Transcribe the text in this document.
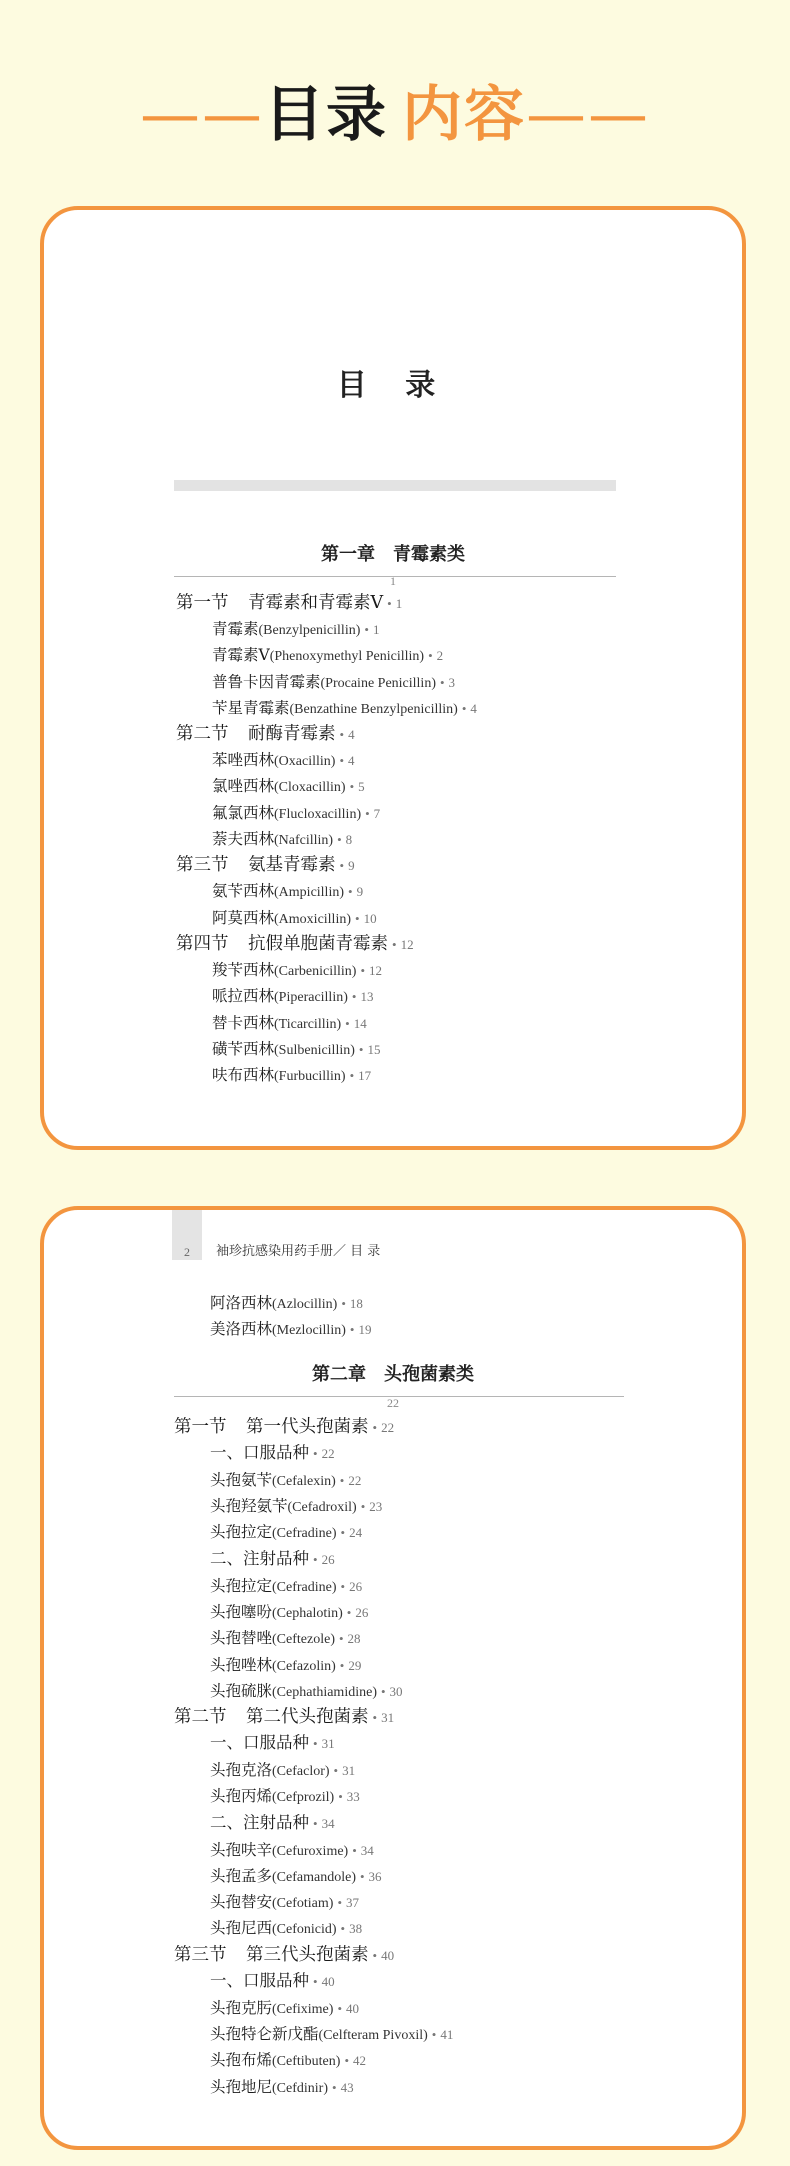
——目录 内容——
目 录
第一章 青霉素类
1
第一节 青霉素和青霉素Ⅴ • 1
青霉素(Benzylpenicillin) • 1
青霉素Ⅴ(Phenoxymethyl Penicillin) • 2
普鲁卡因青霉素(Procaine Penicillin) • 3
苄星青霉素(Benzathine Benzylpenicillin) • 4
第二节 耐酶青霉素 • 4
苯唑西林(Oxacillin) • 4
氯唑西林(Cloxacillin) • 5
氟氯西林(Flucloxacillin) • 7
萘夫西林(Nafcillin) • 8
第三节 氨基青霉素 • 9
氨苄西林(Ampicillin) • 9
阿莫西林(Amoxicillin) • 10
第四节 抗假单胞菌青霉素 • 12
羧苄西林(Carbenicillin) • 12
哌拉西林(Piperacillin) • 13
替卡西林(Ticarcillin) • 14
磺苄西林(Sulbenicillin) • 15
呋布西林(Furbucillin) • 17
2	袖珍抗感染用药手册／ 目 录
阿洛西林(Azlocillin) • 18
美洛西林(Mezlocillin) • 19
第二章 头孢菌素类
22
第一节 第一代头孢菌素 • 22
一、口服品种 • 22
头孢氨苄(Cefalexin) • 22
头孢羟氨苄(Cefadroxil) • 23
头孢拉定(Cefradine) • 24
二、注射品种 • 26
头孢拉定(Cefradine) • 26
头孢噻吩(Cephalotin) • 26
头孢替唑(Ceftezole) • 28
头孢唑林(Cefazolin) • 29
头孢硫脒(Cephathiamidine) • 30
第二节 第二代头孢菌素 • 31
一、口服品种 • 31
头孢克洛(Cefaclor) • 31
头孢丙烯(Cefprozil) • 33
二、注射品种 • 34
头孢呋辛(Cefuroxime) • 34
头孢孟多(Cefamandole) • 36
头孢替安(Cefotiam) • 37
头孢尼西(Cefonicid) • 38
第三节 第三代头孢菌素 • 40
一、口服品种 • 40
头孢克肟(Cefixime) • 40
头孢特仑新戊酯(Celfteram Pivoxil) • 41
头孢布烯(Ceftibuten) • 42
头孢地尼(Cefdinir) • 43
